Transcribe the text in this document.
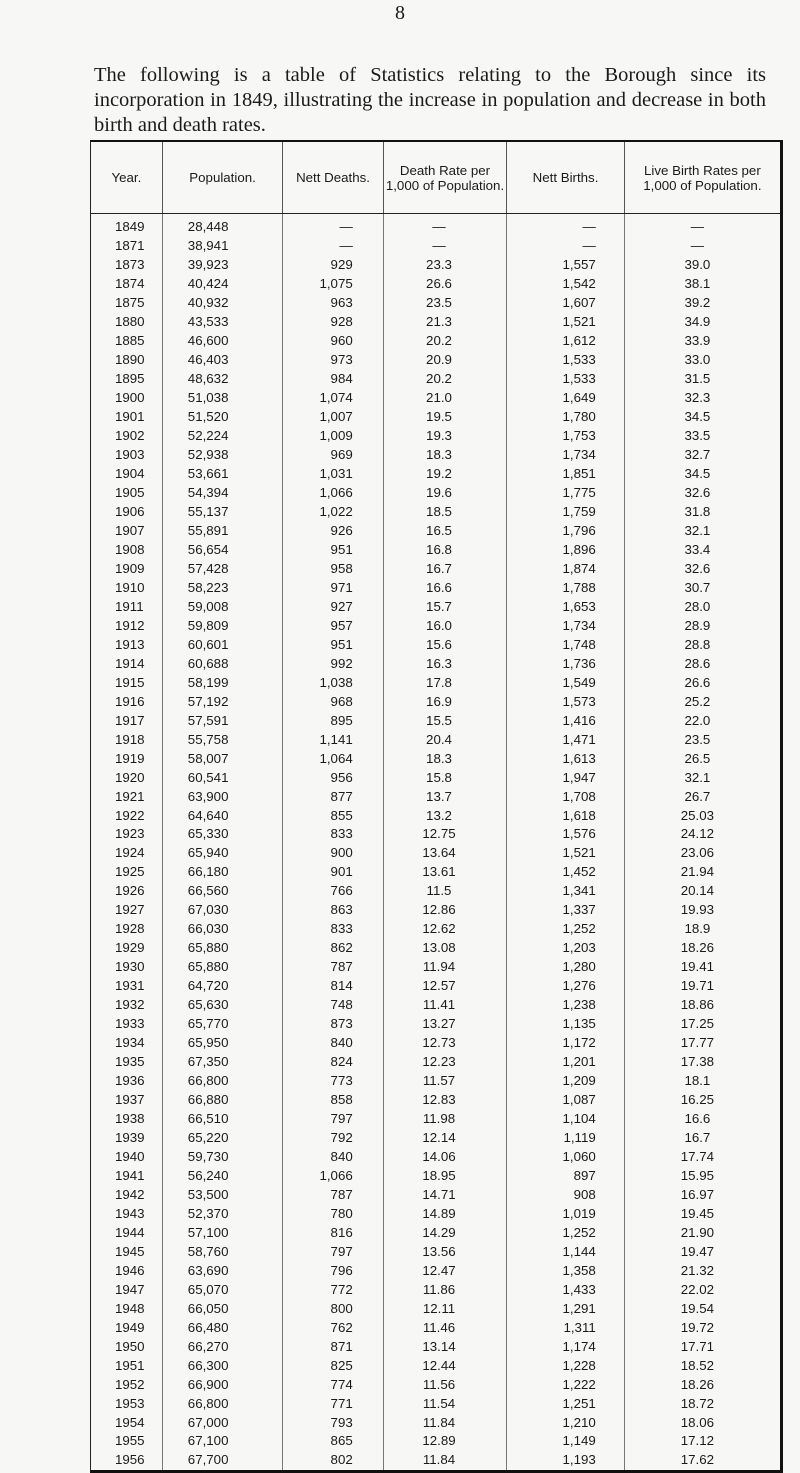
8

The following is a table of Statistics relating to the Borough since its incorporation in 1849, illustrating the increase in population and decrease in both birth and death rates.

Year.	Population.	Nett Deaths.	Death Rate per 1,000 of Population.	Nett Births.	Live Birth Rates per 1,000 of Population.
1849	28,448	—	—	—	—
1871	38,941	—	—	—	—
1873	39,923	929	23.3	1,557	39.0
1874	40,424	1,075	26.6	1,542	38.1
1875	40,932	963	23.5	1,607	39.2
1880	43,533	928	21.3	1,521	34.9
1885	46,600	960	20.2	1,612	33.9
1890	46,403	973	20.9	1,533	33.0
1895	48,632	984	20.2	1,533	31.5
1900	51,038	1,074	21.0	1,649	32.3
1901	51,520	1,007	19.5	1,780	34.5
1902	52,224	1,009	19.3	1,753	33.5
1903	52,938	969	18.3	1,734	32.7
1904	53,661	1,031	19.2	1,851	34.5
1905	54,394	1,066	19.6	1,775	32.6
1906	55,137	1,022	18.5	1,759	31.8
1907	55,891	926	16.5	1,796	32.1
1908	56,654	951	16.8	1,896	33.4
1909	57,428	958	16.7	1,874	32.6
1910	58,223	971	16.6	1,788	30.7
1911	59,008	927	15.7	1,653	28.0
1912	59,809	957	16.0	1,734	28.9
1913	60,601	951	15.6	1,748	28.8
1914	60,688	992	16.3	1,736	28.6
1915	58,199	1,038	17.8	1,549	26.6
1916	57,192	968	16.9	1,573	25.2
1917	57,591	895	15.5	1,416	22.0
1918	55,758	1,141	20.4	1,471	23.5
1919	58,007	1,064	18.3	1,613	26.5
1920	60,541	956	15.8	1,947	32.1
1921	63,900	877	13.7	1,708	26.7
1922	64,640	855	13.2	1,618	25.03
1923	65,330	833	12.75	1,576	24.12
1924	65,940	900	13.64	1,521	23.06
1925	66,180	901	13.61	1,452	21.94
1926	66,560	766	11.5	1,341	20.14
1927	67,030	863	12.86	1,337	19.93
1928	66,030	833	12.62	1,252	18.9
1929	65,880	862	13.08	1,203	18.26
1930	65,880	787	11.94	1,280	19.41
1931	64,720	814	12.57	1,276	19.71
1932	65,630	748	11.41	1,238	18.86
1933	65,770	873	13.27	1,135	17.25
1934	65,950	840	12.73	1,172	17.77
1935	67,350	824	12.23	1,201	17.38
1936	66,800	773	11.57	1,209	18.1
1937	66,880	858	12.83	1,087	16.25
1938	66,510	797	11.98	1,104	16.6
1939	65,220	792	12.14	1,119	16.7
1940	59,730	840	14.06	1,060	17.74
1941	56,240	1,066	18.95	897	15.95
1942	53,500	787	14.71	908	16.97
1943	52,370	780	14.89	1,019	19.45
1944	57,100	816	14.29	1,252	21.90
1945	58,760	797	13.56	1,144	19.47
1946	63,690	796	12.47	1,358	21.32
1947	65,070	772	11.86	1,433	22.02
1948	66,050	800	12.11	1,291	19.54
1949	66,480	762	11.46	1,311	19.72
1950	66,270	871	13.14	1,174	17.71
1951	66,300	825	12.44	1,228	18.52
1952	66,900	774	11.56	1,222	18.26
1953	66,800	771	11.54	1,251	18.72
1954	67,000	793	11.84	1,210	18.06
1955	67,100	865	12.89	1,149	17.12
1956	67,700	802	11.84	1,193	17.62
